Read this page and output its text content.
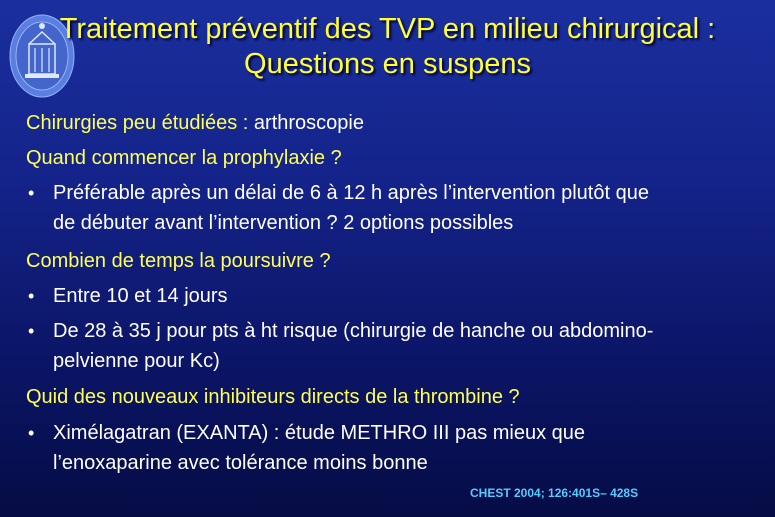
Traitement préventif des TVP en milieu chirurgical :
Questions en suspens
Chirurgies peu étudiées : arthroscopie
Quand commencer la prophylaxie ?
• Préférable après un délai de 6 à 12 h après l’intervention plutôt que
de débuter avant l’intervention ? 2 options possibles
Combien de temps la poursuivre ?
• Entre 10 et 14 jours
• De 28 à 35 j pour pts à ht risque (chirurgie de hanche ou abdomino-
pelvienne pour Kc)
Quid des nouveaux inhibiteurs directs de la thrombine ?
• Ximélagatran (EXANTA) : étude METHRO III pas mieux que
l’enoxaparine avec tolérance moins bonne
CHEST 2004; 126:401S– 428S
